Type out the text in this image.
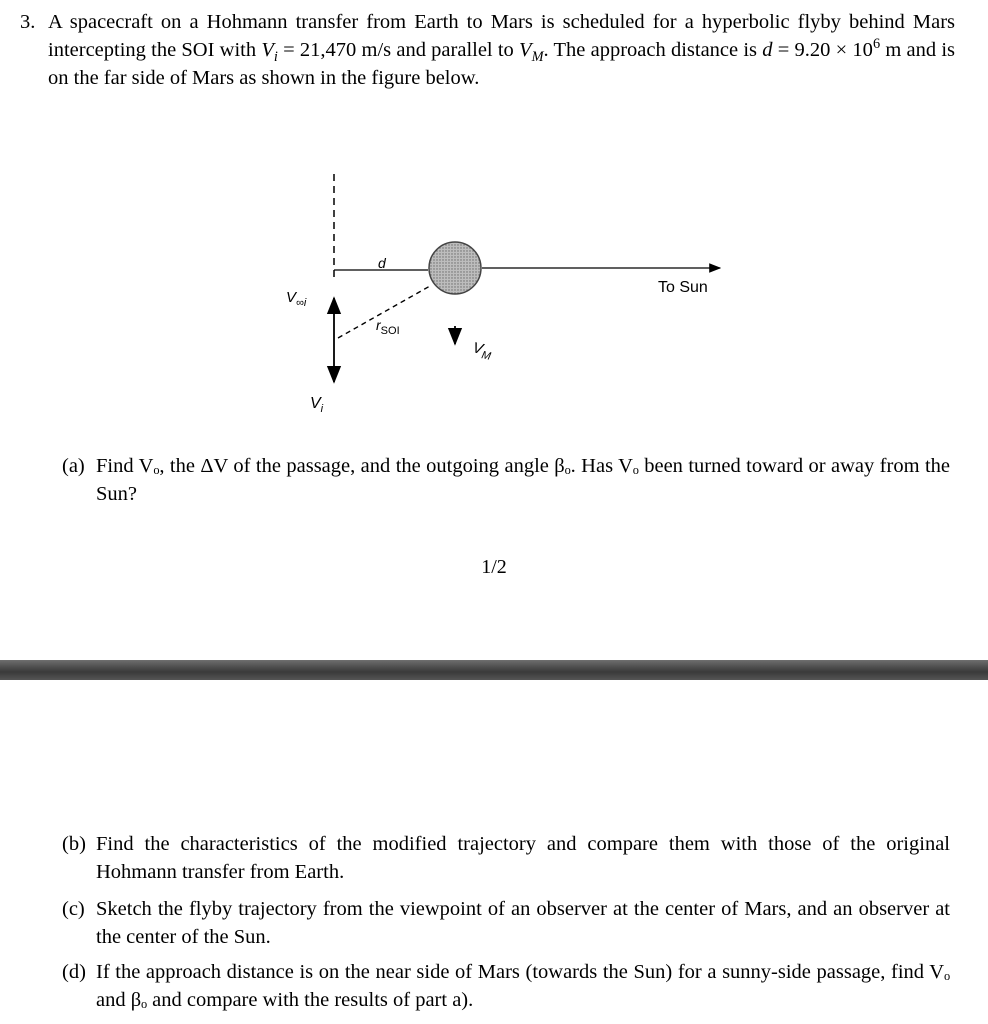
3. A spacecraft on a Hohmann transfer from Earth to Mars is scheduled for a hyperbolic flyby behind Mars intercepting the SOI with $V_i = 21,470$ m/s and parallel to $V_M$. The approach distance is $d = 9.20 \times 10^6$ m and is on the far side of Mars as shown in the figure below.
d
To Sun
$V_{\infty i}$
$r_{SOI}$
$V_M$
$V_i$
(a) Find Vₒ, the ΔV of the passage, and the outgoing angle βₒ. Has Vₒ been turned toward or away from the Sun?
1/2
(b) Find the characteristics of the modified trajectory and compare them with those of the original Hohmann transfer from Earth.
(c) Sketch the flyby trajectory from the viewpoint of an observer at the center of Mars, and an observer at the center of the Sun.
(d) If the approach distance is on the near side of Mars (towards the Sun) for a sunny-side passage, find Vₒ and βₒ and compare with the results of part a).
